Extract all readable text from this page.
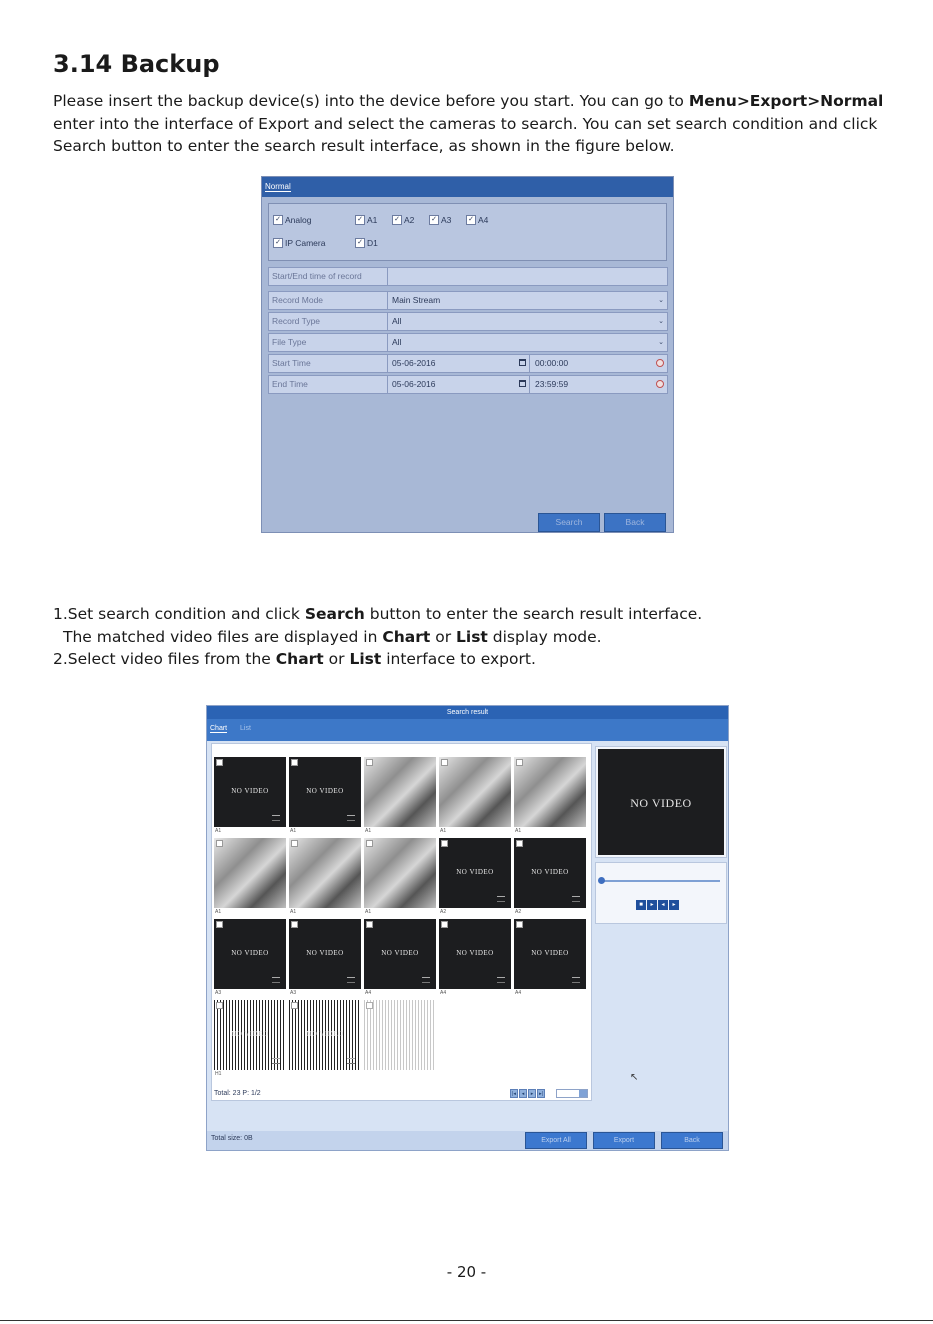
3.14 Backup

Please insert the backup device(s) into the device before you start. You can go to Menu>Export>Normal enter into the interface of Export and select the cameras to search. You can set search condition and click Search button to enter the search result interface, as shown in the figure below.

Normal
✓ Analog	✓ A1 ✓ A2 ✓ A3 ✓ A4
✓ IP Camera	✓ D1
Start/End time of record
Record Mode	Main Stream	⌄
Record Type	All	⌄
File Type	All	⌄
Start Time	05-06-2016	00:00:00
End Time	05-06-2016	23:59:59
Search	Back
1.Set search condition and click Search button to enter the search result interface.
The matched video files are displayed in Chart or List display mode.
2.Select video files from the Chart or List interface to export.
Search result
Chart List
NO VIDEO
A1
NO VIDEO
A1	A1	A1	A1
A1	A1	A1
NO VIDEO
A2
NO VIDEO
A2
NO VIDEO
A3
NO VIDEO
A3
NO VIDEO
A4
NO VIDEO
A4
NO VIDEO
A4
NO VIDEO
H1
NO VIDEO
Total: 23 P: 1/2	|◂	◂	▸	▸|
NO VIDEO
■	▸	◂	▸
↖
Total size: 0B	Export All	Export	Back
- 20 -
